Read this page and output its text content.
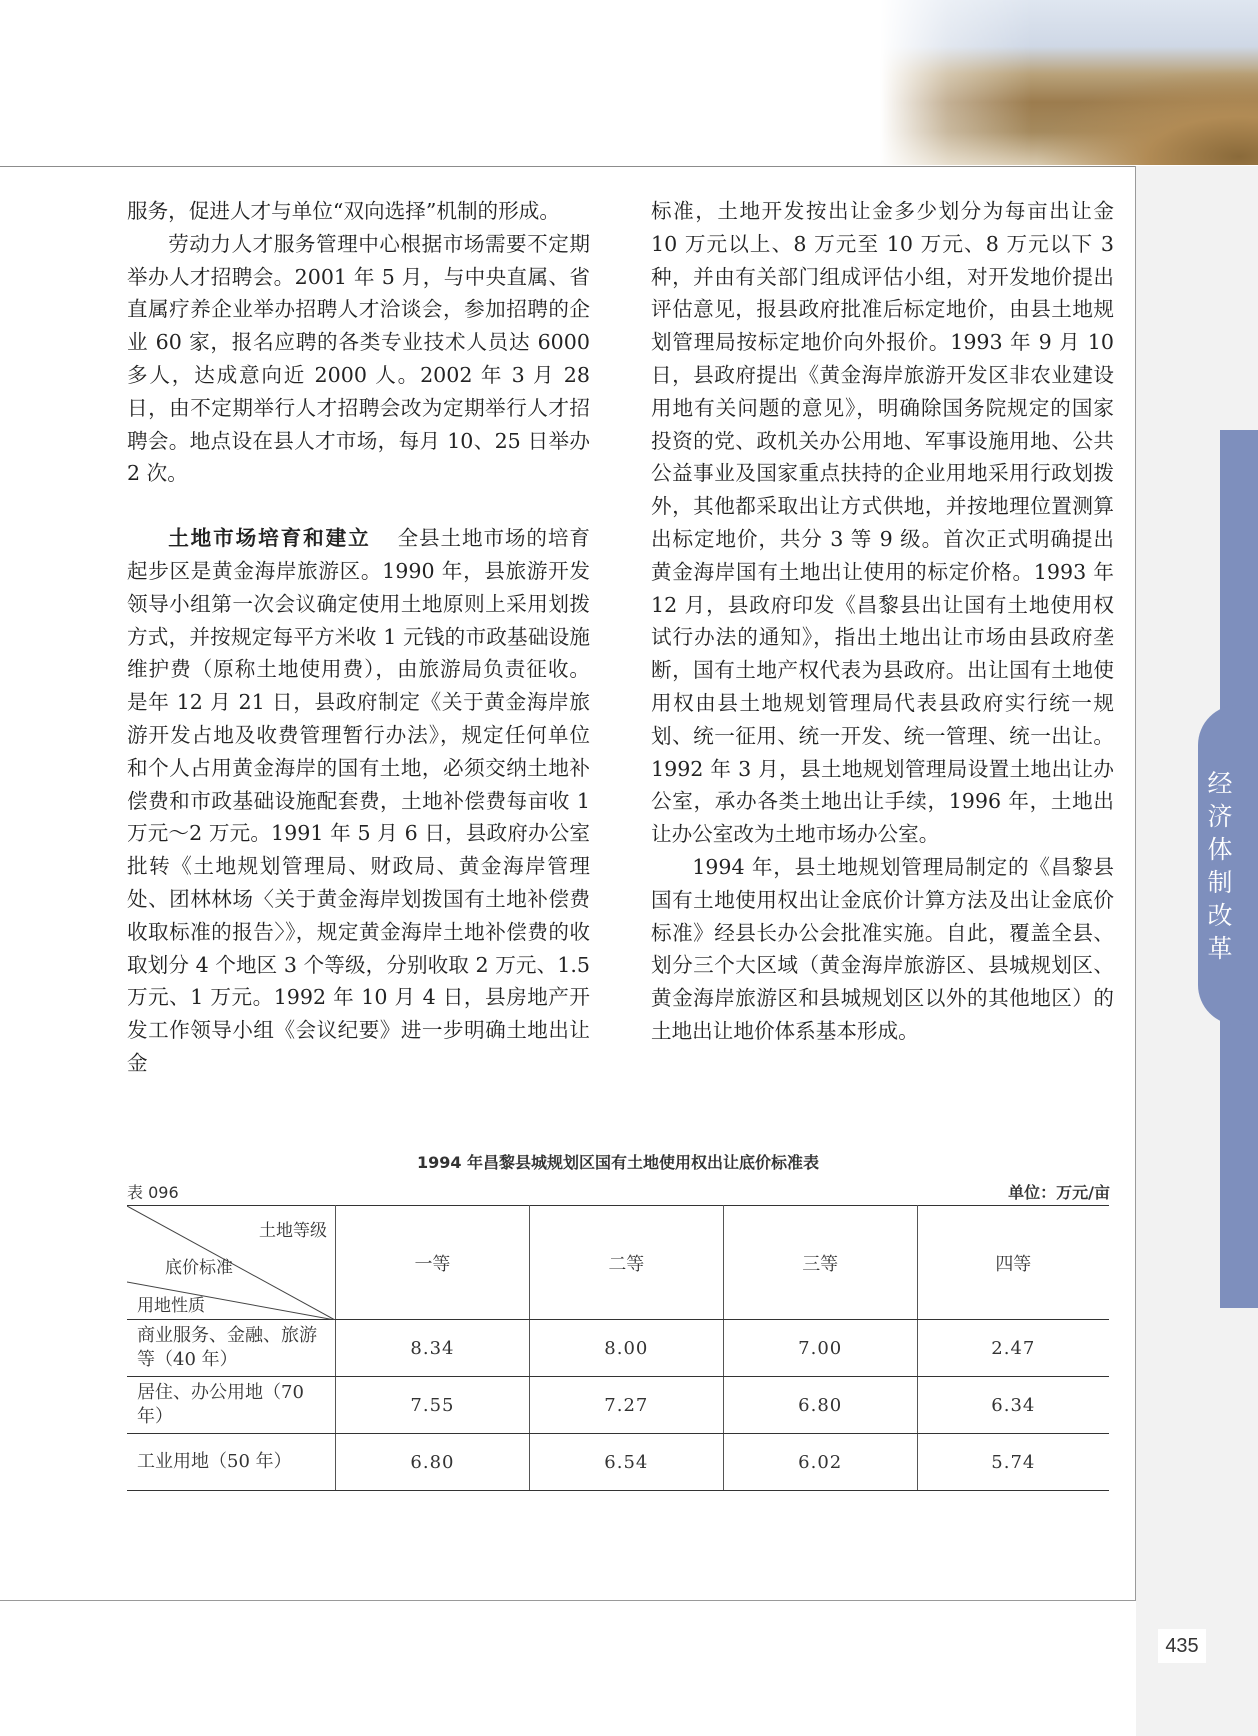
经济体制改革

服务，促进人才与单位“双向选择”机制的形成。

劳动力人才服务管理中心根据市场需要不定期举办人才招聘会。2001 年 5 月，与中央直属、省直属疗养企业举办招聘人才洽谈会，参加招聘的企业 60 家，报名应聘的各类专业技术人员达 6000 多人，达成意向近 2000 人。2002 年 3 月 28 日，由不定期举行人才招聘会改为定期举行人才招聘会。地点设在县人才市场，每月 10、25 日举办 2 次。

土地市场培育和建立 全县土地市场的培育起步区是黄金海岸旅游区。1990 年，县旅游开发领导小组第一次会议确定使用土地原则上采用划拨方式，并按规定每平方米收 1 元钱的市政基础设施维护费（原称土地使用费），由旅游局负责征收。是年 12 月 21 日，县政府制定《关于黄金海岸旅游开发占地及收费管理暂行办法》，规定任何单位和个人占用黄金海岸的国有土地，必须交纳土地补偿费和市政基础设施配套费，土地补偿费每亩收 1 万元～2 万元。1991 年 5 月 6 日，县政府办公室批转《土地规划管理局、财政局、黄金海岸管理处、团林林场〈关于黄金海岸划拨国有土地补偿费收取标准的报告〉》，规定黄金海岸土地补偿费的收取划分 4 个地区 3 个等级，分别收取 2 万元、1.5 万元、1 万元。1992 年 10 月 4 日，县房地产开发工作领导小组《会议纪要》进一步明确土地出让金

标准，土地开发按出让金多少划分为每亩出让金 10 万元以上、8 万元至 10 万元、8 万元以下 3 种，并由有关部门组成评估小组，对开发地价提出评估意见，报县政府批准后标定地价，由县土地规划管理局按标定地价向外报价。1993 年 9 月 10 日，县政府提出《黄金海岸旅游开发区非农业建设用地有关问题的意见》，明确除国务院规定的国家投资的党、政机关办公用地、军事设施用地、公共公益事业及国家重点扶持的企业用地采用行政划拨外，其他都采取出让方式供地，并按地理位置测算出标定地价，共分 3 等 9 级。首次正式明确提出黄金海岸国有土地出让使用的标定价格。1993 年 12 月，县政府印发《昌黎县出让国有土地使用权试行办法的通知》，指出土地出让市场由县政府垄断，国有土地产权代表为县政府。出让国有土地使用权由县土地规划管理局代表县政府实行统一规划、统一征用、统一开发、统一管理、统一出让。1992 年 3 月，县土地规划管理局设置土地出让办公室，承办各类土地出让手续，1996 年，土地出让办公室改为土地市场办公室。

1994 年，县土地规划管理局制定的《昌黎县国有土地使用权出让金底价计算方法及出让金底价标准》经县长办公会批准实施。自此，覆盖全县、划分三个大区域（黄金海岸旅游区、县城规划区、黄金海岸旅游区和县城规划区以外的其他地区）的土地出让地价体系基本形成。

1994 年昌黎县城规划区国有土地使用权出让底价标准表
表 096	单位：万元/亩
土地等级
底价标准
用地性质	一等	二等	三等	四等
商业服务、金融、旅游等（40 年）	8.34	8.00	7.00	2.47
居住、办公用地（70 年）	7.55	7.27	6.80	6.34
工业用地（50 年）	6.80	6.54	6.02	5.74
435
